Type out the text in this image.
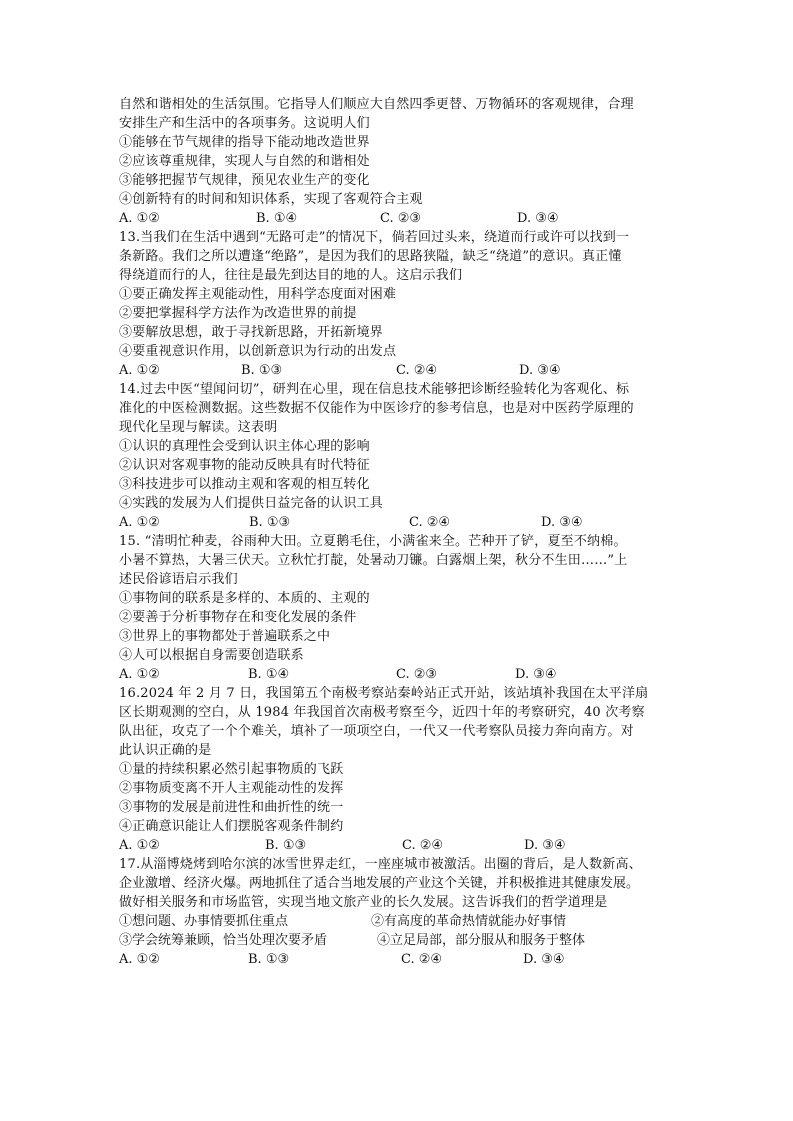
自然和谐相处的生活氛围。它指导人们顺应大自然四季更替、万物循环的客观规律，合理
安排生产和生活中的各项事务。这说明人们
①能够在节气规律的指导下能动地改造世界
②应该尊重规律，实现人与自然的和谐相处
③能够把握节气规律，预见农业生产的变化
④创新特有的时间和知识体系，实现了客观符合主观
A. ①②	B. ①④	C. ②③	D. ③④
13.当我们在生活中遇到“无路可走”的情况下，倘若回过头来，绕道而行或许可以找到一
条新路。我们之所以遭逢“绝路”，是因为我们的思路狭隘，缺乏“绕道”的意识。真正懂
得绕道而行的人，往往是最先到达目的地的人。这启示我们
①要正确发挥主观能动性，用科学态度面对困难
②要把掌握科学方法作为改造世界的前提
③要解放思想，敢于寻找新思路，开拓新境界
④要重视意识作用，以创新意识为行动的出发点
A. ①②	B. ①③	C. ②④	D. ③④
14.过去中医“望闻问切”，研判在心里，现在信息技术能够把诊断经验转化为客观化、标
准化的中医检测数据。这些数据不仅能作为中医诊疗的参考信息，也是对中医药学原理的
现代化呈现与解读。这表明
①认识的真理性会受到认识主体心理的影响
②认识对客观事物的能动反映具有时代特征
③科技进步可以推动主观和客观的相互转化
④实践的发展为人们提供日益完备的认识工具
A. ①②	B. ①③	C. ②④	D. ③④
15. “清明忙种麦，谷雨种大田。立夏鹅毛住，小满雀来全。芒种开了铲，夏至不纳棉。
小暑不算热，大暑三伏天。立秋忙打靛，处暑动刀镰。白露烟上架，秋分不生田……”上
述民俗谚语启示我们
①事物间的联系是多样的、本质的、主观的
②要善于分析事物存在和变化发展的条件
③世界上的事物都处于普遍联系之中
④人可以根据自身需要创造联系
A. ①②	B. ①④	C. ②③	D. ③④
16.2024 年 2 月 7 日，我国第五个南极考察站秦岭站正式开站，该站填补我国在太平洋扇
区长期观测的空白，从 1984 年我国首次南极考察至今，近四十年的考察研究，40 次考察
队出征，攻克了一个个难关，填补了一项项空白，一代又一代考察队员接力奔向南方。对
此认识正确的是
①量的持续积累必然引起事物质的飞跃
②事物质变离不开人主观能动性的发挥
③事物的发展是前进性和曲折性的统一
④正确意识能让人们摆脱客观条件制约
A. ①②	B. ①③	C. ②④	D. ③④
17.从淄博烧烤到哈尔滨的冰雪世界走红，一座座城市被激活。出圈的背后，是人数新高、
企业激增、经济火爆。两地抓住了适合当地发展的产业这个关键，并积极推进其健康发展。
做好相关服务和市场监管，实现当地文旅产业的长久发展。这告诉我们的哲学道理是
①想问题、办事情要抓住重点	②有高度的革命热情就能办好事情
③学会统筹兼顾，恰当处理次要矛盾	④立足局部，部分服从和服务于整体
A. ①②	B. ①③	C. ②④	D. ③④
